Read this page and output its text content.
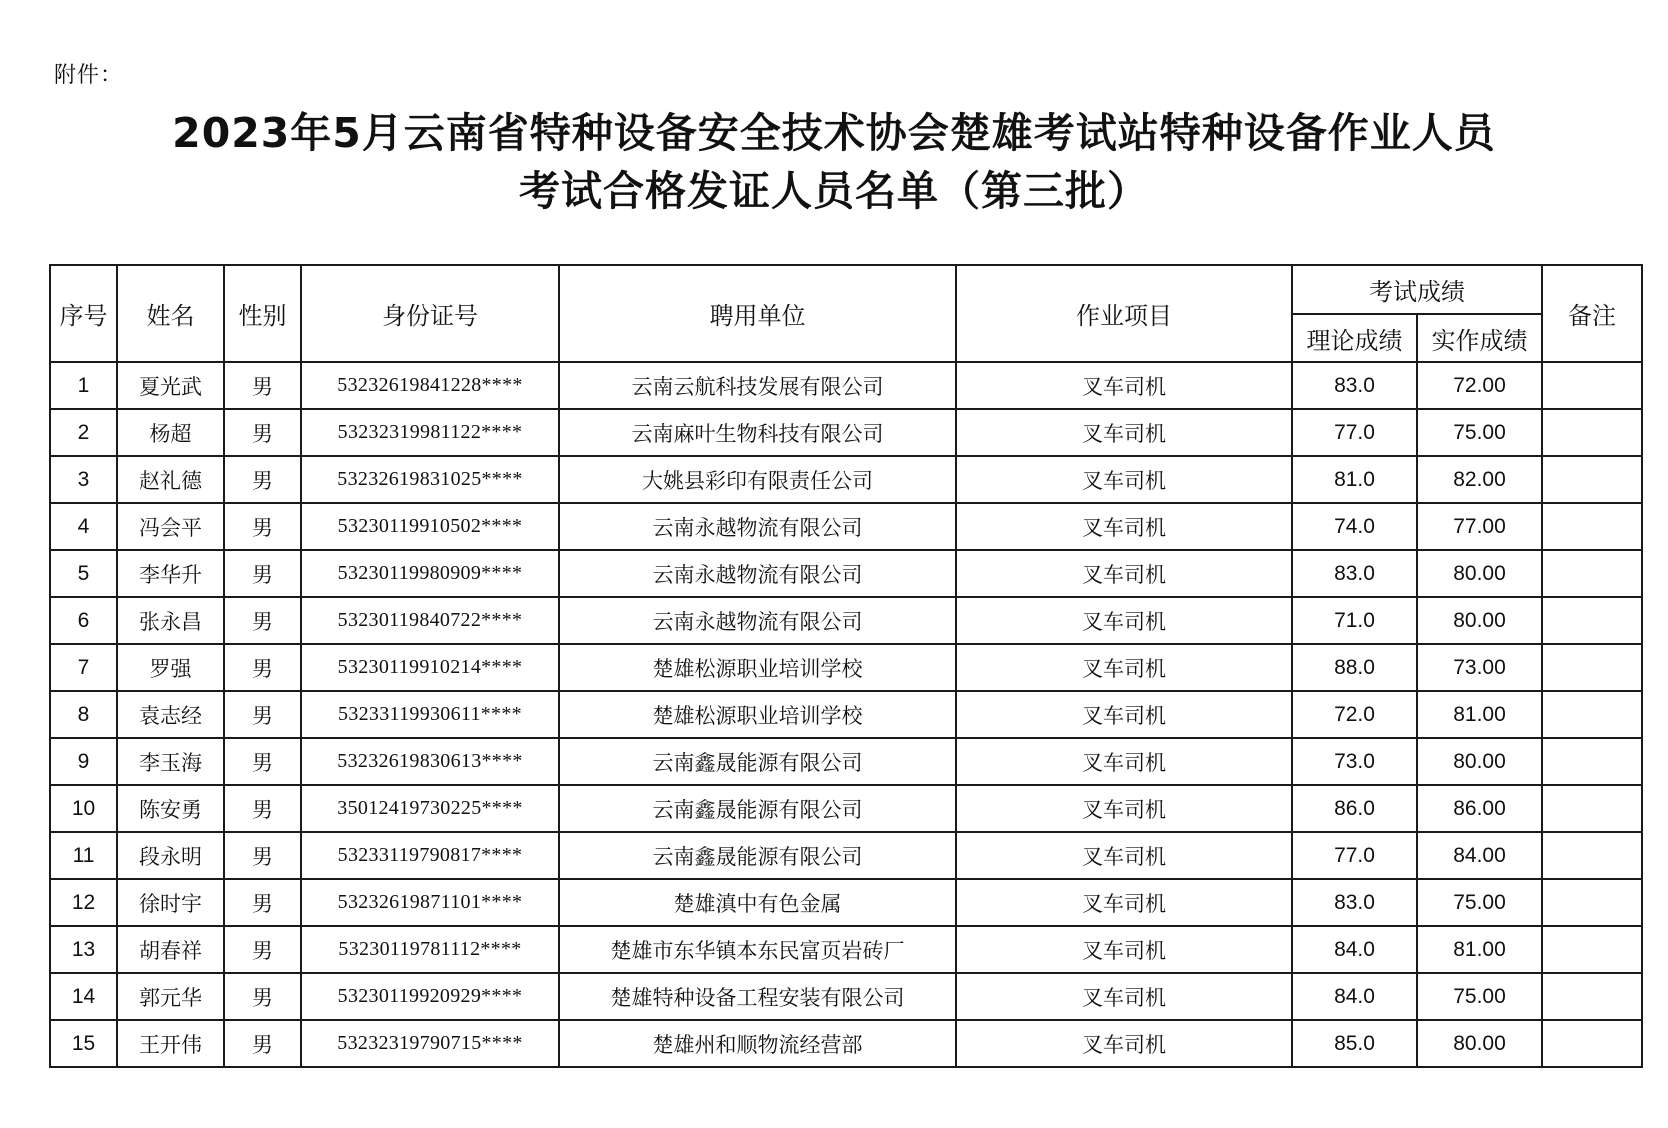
附件：
2023年5月云南省特种设备安全技术协会楚雄考试站特种设备作业人员
考试合格发证人员名单（第三批）
序号	姓名	性别	身份证号	聘用单位	作业项目	考试成绩		备注
						理论成绩	实作成绩	
1	夏光武	男	53232619841228****	云南云航科技发展有限公司	叉车司机	83.0	72.00	
2	杨超	男	53232319981122****	云南麻叶生物科技有限公司	叉车司机	77.0	75.00	
3	赵礼德	男	53232619831025****	大姚县彩印有限责任公司	叉车司机	81.0	82.00	
4	冯会平	男	53230119910502****	云南永越物流有限公司	叉车司机	74.0	77.00	
5	李华升	男	53230119980909****	云南永越物流有限公司	叉车司机	83.0	80.00	
6	张永昌	男	53230119840722****	云南永越物流有限公司	叉车司机	71.0	80.00	
7	罗强	男	53230119910214****	楚雄松源职业培训学校	叉车司机	88.0	73.00	
8	袁志经	男	53233119930611****	楚雄松源职业培训学校	叉车司机	72.0	81.00	
9	李玉海	男	53232619830613****	云南鑫晟能源有限公司	叉车司机	73.0	80.00	
10	陈安勇	男	35012419730225****	云南鑫晟能源有限公司	叉车司机	86.0	86.00	
11	段永明	男	53233119790817****	云南鑫晟能源有限公司	叉车司机	77.0	84.00	
12	徐时宇	男	53232619871101****	楚雄滇中有色金属	叉车司机	83.0	75.00	
13	胡春祥	男	53230119781112****	楚雄市东华镇本东民富页岩砖厂	叉车司机	84.0	81.00	
14	郭元华	男	53230119920929****	楚雄特种设备工程安装有限公司	叉车司机	84.0	75.00	
15	王开伟	男	53232319790715****	楚雄州和顺物流经营部	叉车司机	85.0	80.00	
